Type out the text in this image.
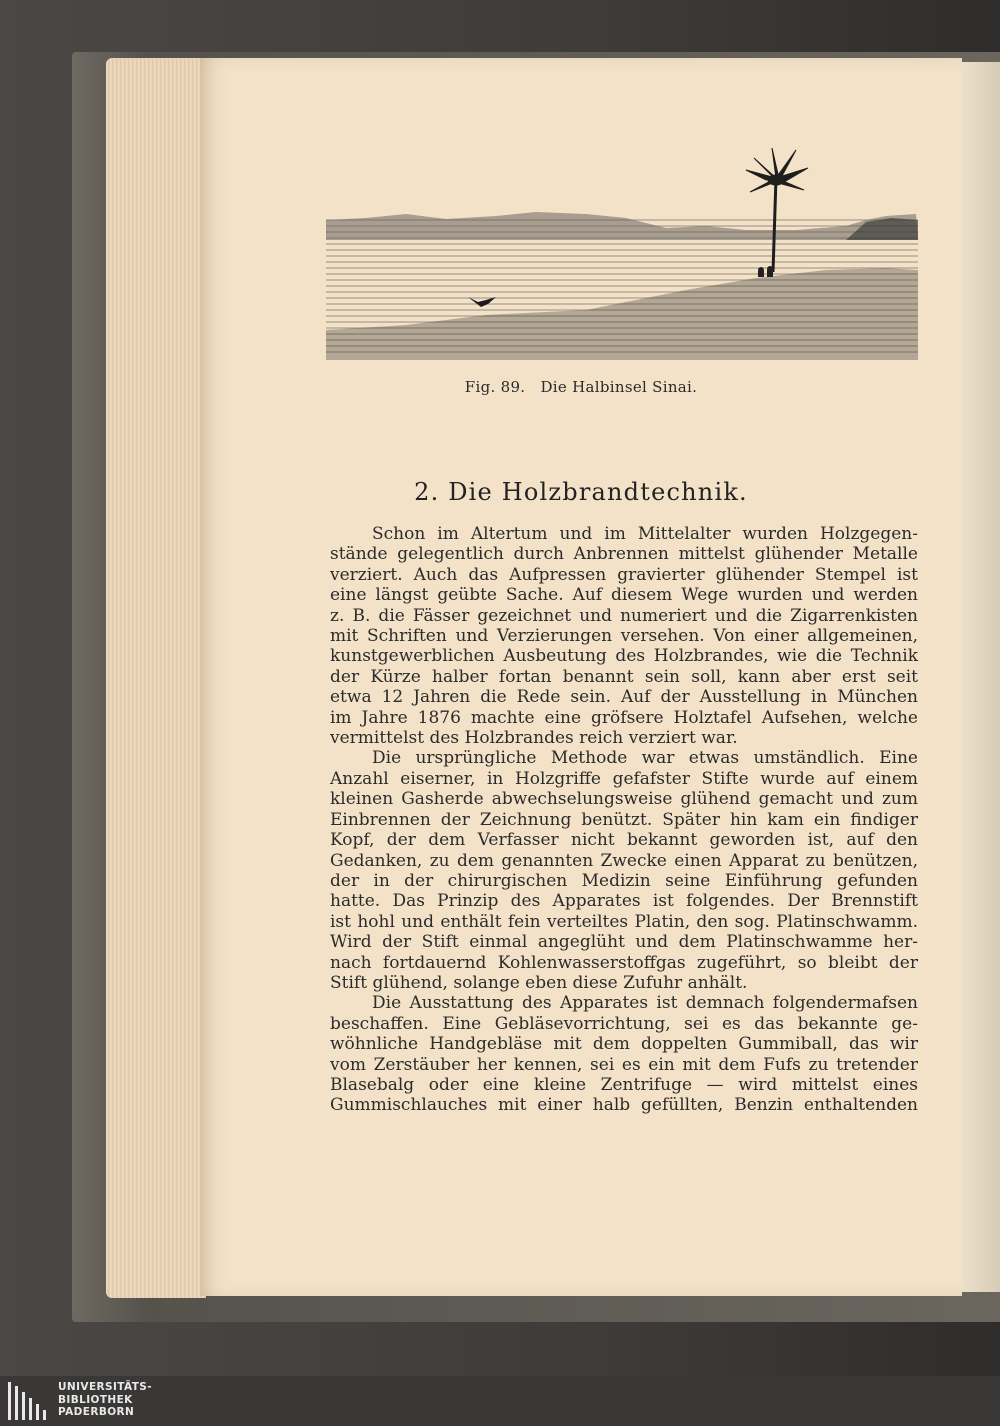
Fig. 89. Die Halbinsel Sinai.
2. Die Holzbrandtechnik.
Schon im Altertum und im Mittelalter wurden Holzgegen-
stände gelegentlich durch Anbrennen mittelst glühender Metalle
verziert. Auch das Aufpressen gravierter glühender Stempel ist
eine längst geübte Sache. Auf diesem Wege wurden und werden
z. B. die Fässer gezeichnet und numeriert und die Zigarrenkisten
mit Schriften und Verzierungen versehen. Von einer allgemeinen,
kunstgewerblichen Ausbeutung des Holzbrandes, wie die Technik
der Kürze halber fortan benannt sein soll, kann aber erst seit
etwa 12 Jahren die Rede sein. Auf der Ausstellung in München
im Jahre 1876 machte eine gröfsere Holztafel Aufsehen, welche
vermittelst des Holzbrandes reich verziert war.
Die ursprüngliche Methode war etwas umständlich. Eine
Anzahl eiserner, in Holzgriffe gefafster Stifte wurde auf einem
kleinen Gasherde abwechselungsweise glühend gemacht und zum
Einbrennen der Zeichnung benützt. Später hin kam ein findiger
Kopf, der dem Verfasser nicht bekannt geworden ist, auf den
Gedanken, zu dem genannten Zwecke einen Apparat zu benützen,
der in der chirurgischen Medizin seine Einführung gefunden
hatte. Das Prinzip des Apparates ist folgendes. Der Brennstift
ist hohl und enthält fein verteiltes Platin, den sog. Platinschwamm.
Wird der Stift einmal angeglüht und dem Platinschwamme her-
nach fortdauernd Kohlenwasserstoffgas zugeführt, so bleibt der
Stift glühend, solange eben diese Zufuhr anhält.
Die Ausstattung des Apparates ist demnach folgendermafsen
beschaffen. Eine Gebläsevorrichtung, sei es das bekannte ge-
wöhnliche Handgebläse mit dem doppelten Gummiball, das wir
vom Zerstäuber her kennen, sei es ein mit dem Fufs zu tretender
Blasebalg oder eine kleine Zentrifuge — wird mittelst eines
Gummischlauches mit einer halb gefüllten, Benzin enthaltenden
UNIVERSITÄTS-
BIBLIOTHEK
PADERBORN
